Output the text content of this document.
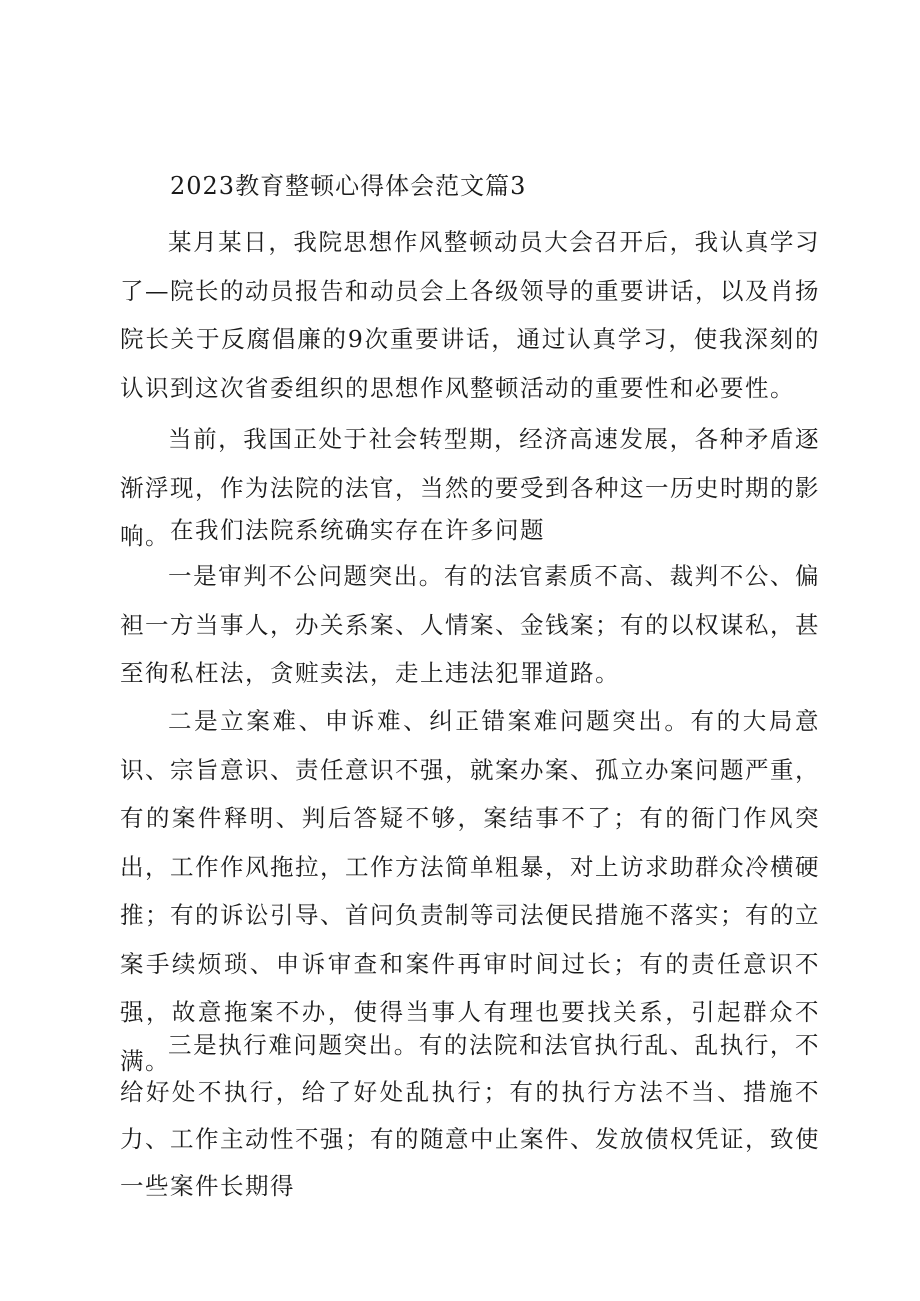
2023教育整顿心得体会范文篇3

某月某日，我院思想作风整顿动员大会召开后，我认真学习了—院长的动员报告和动员会上各级领导的重要讲话，以及肖扬院长关于反腐倡廉的9次重要讲话，通过认真学习，使我深刻的认识到这次省委组织的思想作风整顿活动的重要性和必要性。

当前，我国正处于社会转型期，经济高速发展，各种矛盾逐渐浮现，作为法院的法官，当然的要受到各种这一历史时期的影响。 在我们法院系统确实存在许多问题

一是审判不公问题突出。有的法官素质不高、裁判不公、偏袒一方当事人，办关系案、人情案、金钱案；有的以权谋私，甚至徇私枉法，贪赃卖法，走上违法犯罪道路。

二是立案难、申诉难、纠正错案难问题突出。有的大局意识、宗旨意识、责任意识不强，就案办案、孤立办案问题严重，有的案件释明、判后答疑不够，案结事不了；有的衙门作风突出，工作作风拖拉，工作方法简单粗暴，对上访求助群众冷横硬推；有的诉讼引导、首问负责制等司法便民措施不落实；有的立案手续烦琐、申诉审查和案件再审时间过长；有的责任意识不强，故意拖案不办，使得当事人有理也要找关系，引起群众不满。

三是执行难问题突出。有的法院和法官执行乱、乱执行，不给好处不执行，给了好处乱执行；有的执行方法不当、措施不力、工作主动性不强；有的随意中止案件、发放债权凭证，致使一些案件长期得
